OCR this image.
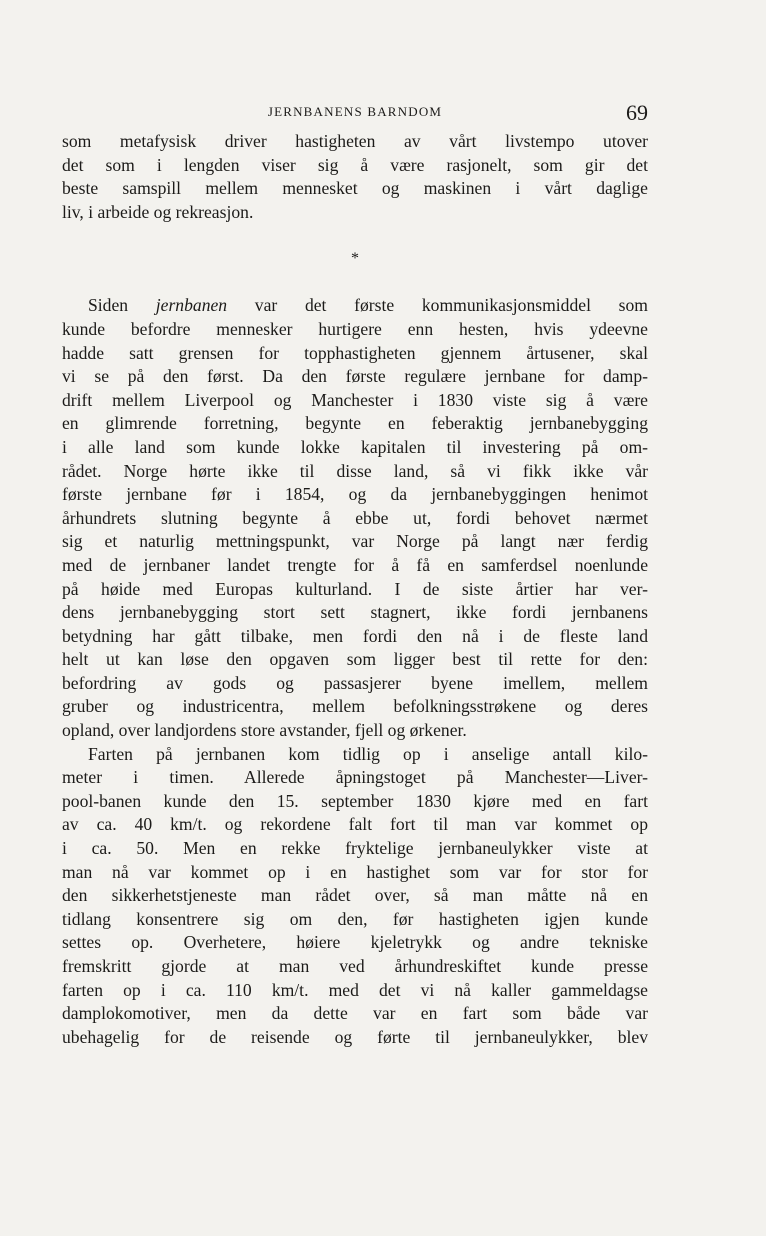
JERNBANENS BARNDOM	69
som metafysisk driver hastigheten av vårt livstempo utover
det som i lengden viser sig å være rasjonelt, som gir det
beste samspill mellem mennesket og maskinen i vårt daglige
liv, i arbeide og rekreasjon.
*
Siden jernbanen var det første kommunikasjonsmiddel som
kunde befordre mennesker hurtigere enn hesten, hvis ydeevne
hadde satt grensen for topphastigheten gjennem årtusener, skal
vi se på den først. Da den første regulære jernbane for damp-
drift mellem Liverpool og Manchester i 1830 viste sig å være
en glimrende forretning, begynte en feberaktig jernbanebygging
i alle land som kunde lokke kapitalen til investering på om-
rådet. Norge hørte ikke til disse land, så vi fikk ikke vår
første jernbane før i 1854, og da jernbanebyggingen henimot
århundrets slutning begynte å ebbe ut, fordi behovet nærmet
sig et naturlig mettningspunkt, var Norge på langt nær ferdig
med de jernbaner landet trengte for å få en samferdsel noenlunde
på høide med Europas kulturland. I de siste årtier har ver-
dens jernbanebygging stort sett stagnert, ikke fordi jernbanens
betydning har gått tilbake, men fordi den nå i de fleste land
helt ut kan løse den opgaven som ligger best til rette for den:
befordring av gods og passasjerer byene imellem, mellem
gruber og industricentra, mellem befolkningsstrøkene og deres
opland, over landjordens store avstander, fjell og ørkener.
Farten på jernbanen kom tidlig op i anselige antall kilo-
meter i timen. Allerede åpningstoget på Manchester—Liver-
pool-banen kunde den 15. september 1830 kjøre med en fart
av ca. 40 km/t. og rekordene falt fort til man var kommet op
i ca. 50. Men en rekke fryktelige jernbaneulykker viste at
man nå var kommet op i en hastighet som var for stor for
den sikkerhetstjeneste man rådet over, så man måtte nå en
tidlang konsentrere sig om den, før hastigheten igjen kunde
settes op. Overhetere, høiere kjeletrykk og andre tekniske
fremskritt gjorde at man ved århundreskiftet kunde presse
farten op i ca. 110 km/t. med det vi nå kaller gammeldagse
damplokomotiver, men da dette var en fart som både var
ubehagelig for de reisende og førte til jernbaneulykker, blev
